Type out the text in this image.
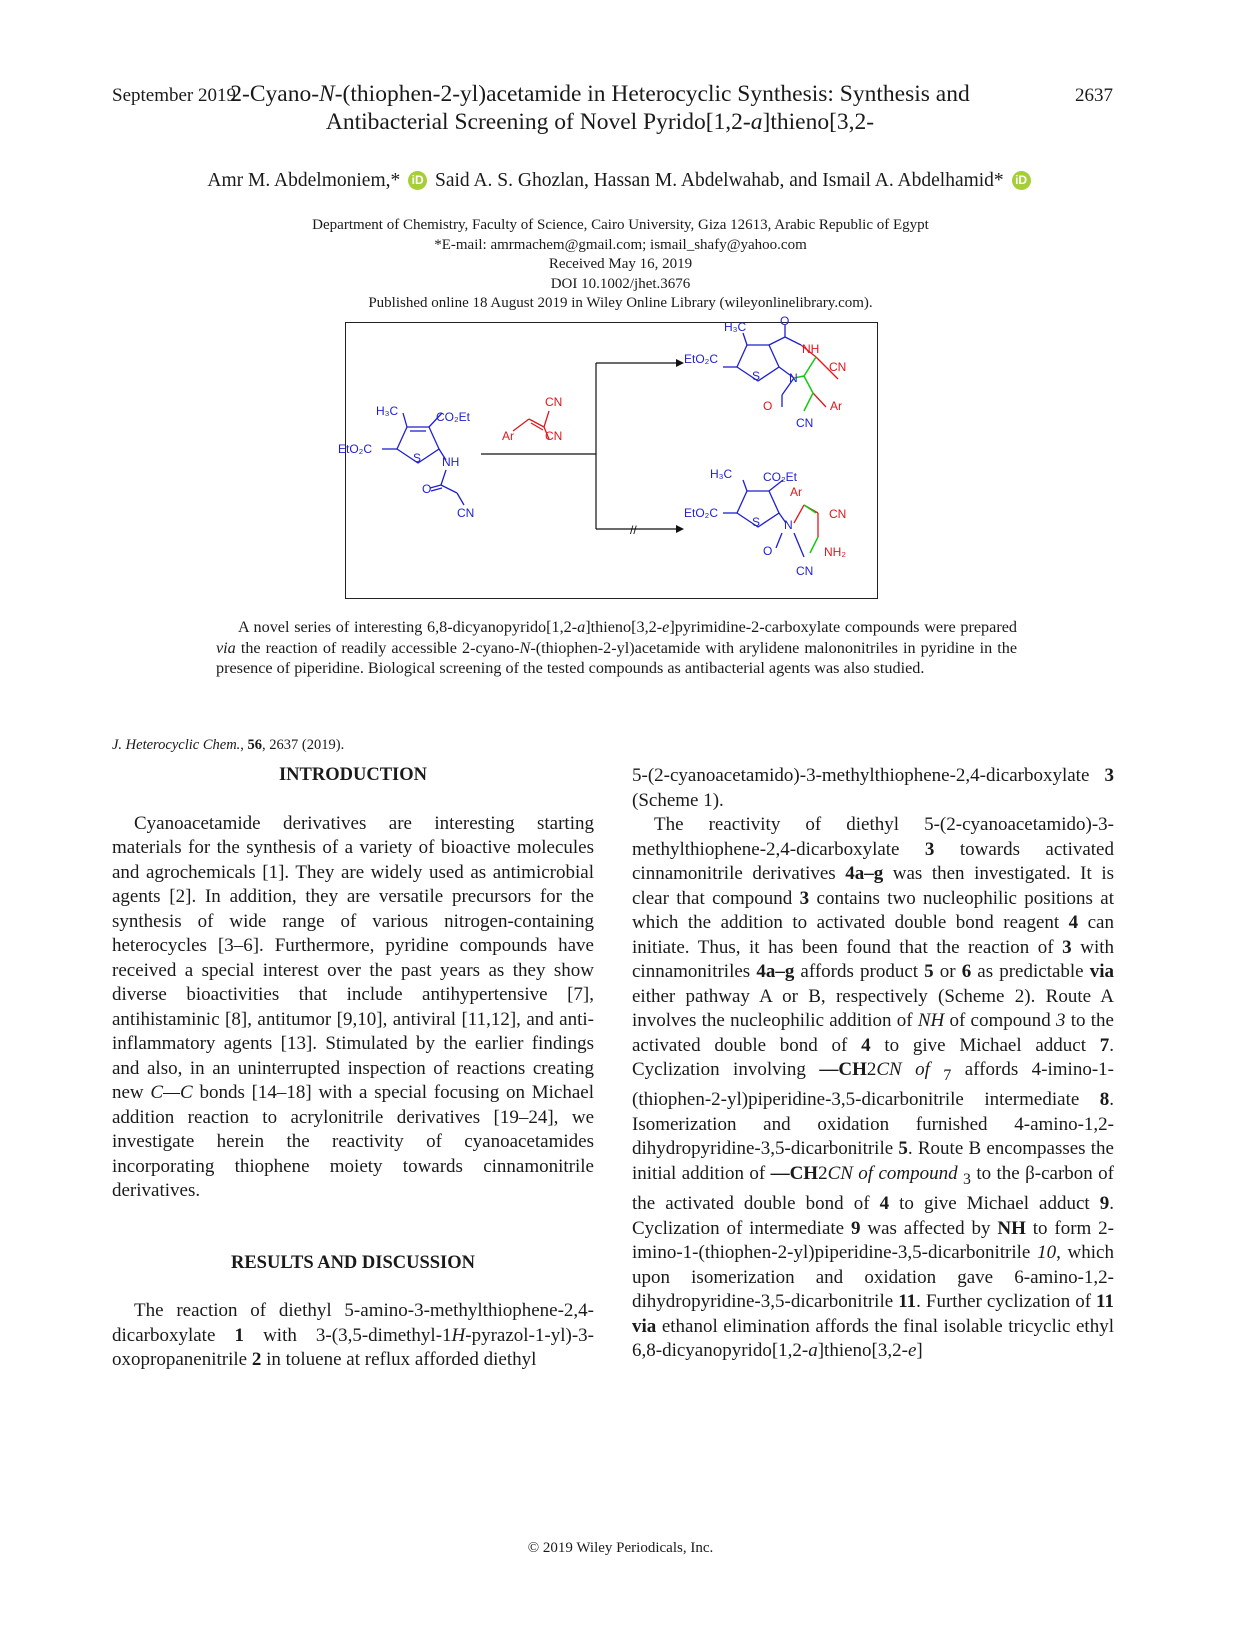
September 2019	2637
2-Cyano-N-(thiophen-2-yl)acetamide in Heterocyclic Synthesis: Synthesis and Antibacterial Screening of Novel Pyrido[1,2-a]thieno[3,2-
Amr M. Abdelmoniem,* iD Said A. S. Ghozlan, Hassan M. Abdelwahab, and Ismail A. Abdelhamid* iD
Department of Chemistry, Faculty of Science, Cairo University, Giza 12613, Arabic Republic of Egypt
*E-mail: amrmachem@gmail.com; ismail_shafy@yahoo.com
Received May 16, 2019
DOI 10.1002/jhet.3676
Published online 18 August 2019 in Wiley Online Library (wileyonlinelibrary.com).
H₃C	CO₂Et
EtO₂C
S NH
O
CN
Ar
CN
CN
//
H₃C	O
NH
EtO₂C
S N
CN
Ar
O
CN
H₃C	CO₂Et
Ar
EtO₂C
S N
CN
O	NH₂
CN
A novel series of interesting 6,8-dicyanopyrido[1,2-a]thieno[3,2-e]pyrimidine-2-carboxylate compounds were prepared via the reaction of readily accessible 2-cyano-N-(thiophen-2-yl)acetamide with arylidene malononitriles in pyridine in the presence of piperidine. Biological screening of the tested compounds as antibacterial agents was also studied.
J. Heterocyclic Chem., 56, 2637 (2019).
INTRODUCTION

Cyanoacetamide derivatives are interesting starting materials for the synthesis of a variety of bioactive molecules and agrochemicals [1]. They are widely used as antimicrobial agents [2]. In addition, they are versatile precursors for the synthesis of wide range of various nitrogen-containing heterocycles [3–6]. Furthermore, pyridine compounds have received a special interest over the past years as they show diverse bioactivities that include antihypertensive [7], antihistaminic [8], antitumor [9,10], antiviral [11,12], and anti-inflammatory agents [13]. Stimulated by the earlier findings and also, in an uninterrupted inspection of reactions creating new C—C bonds [14–18] with a special focusing on Michael addition reaction to acrylonitrile derivatives [19–24], we investigate herein the reactivity of cyanoacetamides incorporating thiophene moiety towards cinnamonitrile derivatives.

RESULTS AND DISCUSSION

The reaction of diethyl 5-amino-3-methylthiophene-2,4-dicarboxylate 1 with 3-(3,5-dimethyl-1H-pyrazol-1-yl)-3-oxopropanenitrile 2 in toluene at reflux afforded diethyl

5-(2-cyanoacetamido)-3-methylthiophene-2,4-dicarboxylate 3 (Scheme 1).

The reactivity of diethyl 5-(2-cyanoacetamido)-3-methylthiophene-2,4-dicarboxylate 3 towards activated cinnamonitrile derivatives 4a–g was then investigated. It is clear that compound 3 contains two nucleophilic positions at which the addition to activated double bond reagent 4 can initiate. Thus, it has been found that the reaction of 3 with cinnamonitriles 4a–g affords product 5 or 6 as predictable via either pathway A or B, respectively (Scheme 2). Route A involves the nucleophilic addition of NH of compound 3 to the activated double bond of 4 to give Michael adduct 7. Cyclization involving —CH2CN of $_7$ affords 4-imino-1-(thiophen-2-yl)piperidine-3,5-dicarbonitrile intermediate 8. Isomerization and oxidation furnished 4-amino-1,2-dihydropyridine-3,5-dicarbonitrile 5. Route B encompasses the initial addition of —CH2CN of compound $_3$ to the β-carbon of the activated double bond of 4 to give Michael adduct 9. Cyclization of intermediate 9 was affected by NH to form 2-imino-1-(thiophen-2-yl)piperidine-3,5-dicarbonitrile 10, which upon isomerization and oxidation gave 6-amino-1,2-dihydropyridine-3,5-dicarbonitrile 11. Further cyclization of 11 via ethanol elimination affords the final isolable tricyclic ethyl 6,8-dicyanopyrido[1,2-a]thieno[3,2-e]

© 2019 Wiley Periodicals, Inc.
